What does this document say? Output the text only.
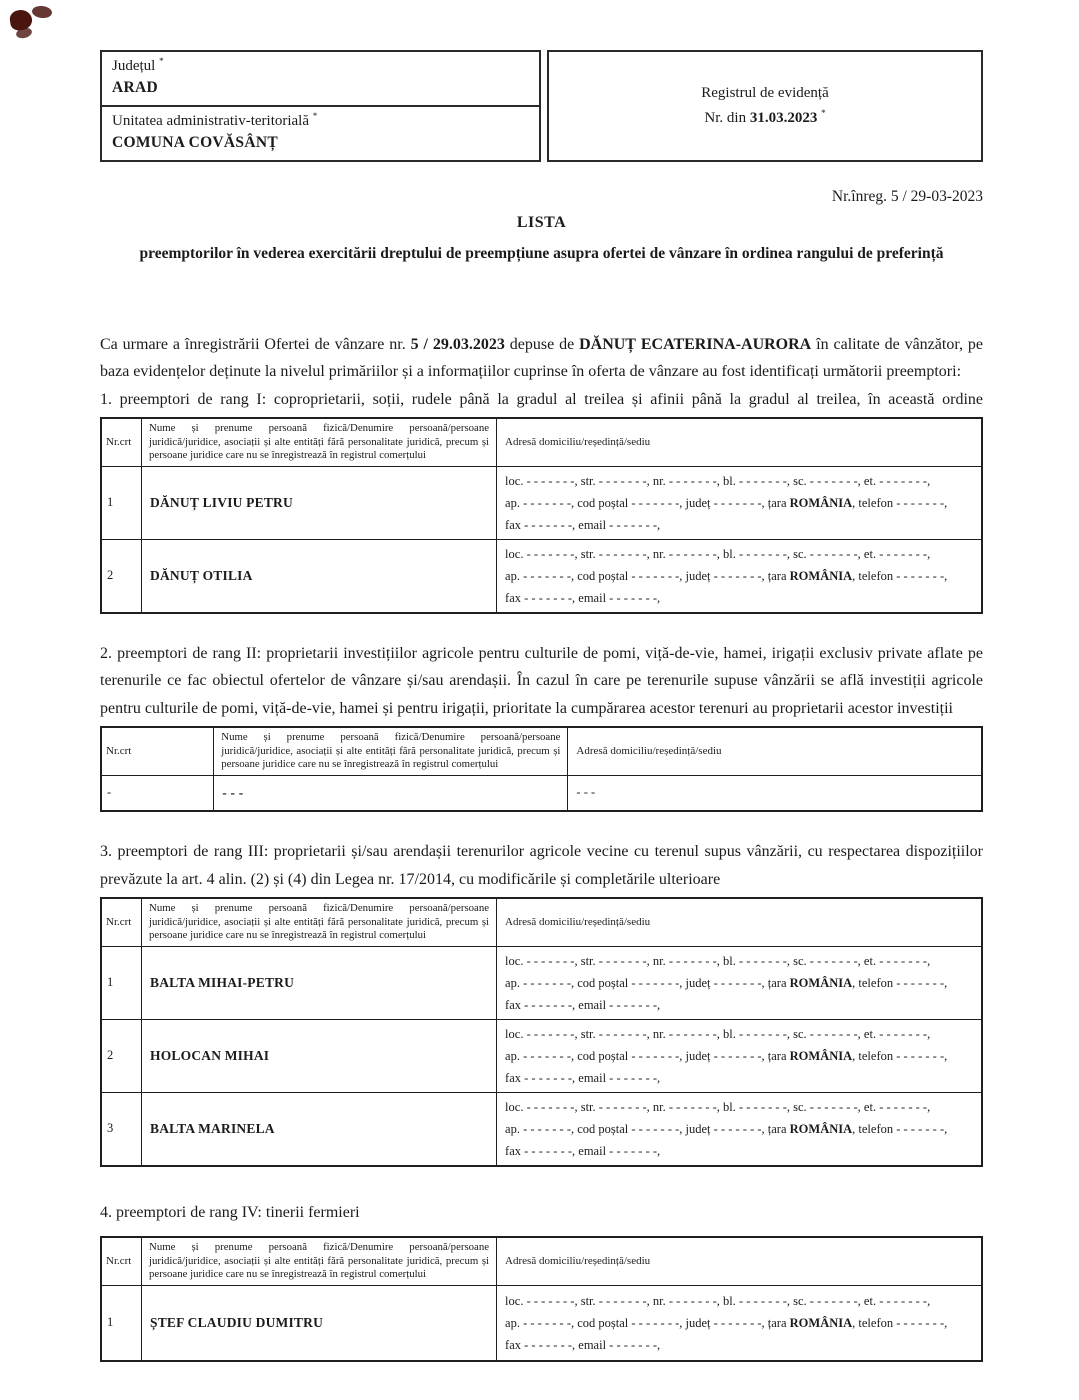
Județul *
ARAD
Unitatea administrativ-teritorială *
COMUNA COVĂSÂNȚ
Registrul de evidență
Nr. din 31.03.2023 *

Nr.înreg. 5 / 29-03-2023

LISTA

preemptorilor în vederea exercitării dreptului de preempțiune asupra ofertei de vânzare în ordinea rangului de preferință

Ca urmare a înregistrării Ofertei de vânzare nr. 5 / 29.03.2023 depuse de DĂNUȚ ECATERINA-AURORA în calitate de vânzător, pe baza evidențelor deținute la nivelul primăriilor și a informațiilor cuprinse în oferta de vânzare au fost identificați următorii preemptori:

1. preemptori de rang I: coproprietarii, soții, rudele până la gradul al treilea și afinii până la gradul al treilea, în această ordine

Nr.crt	Nume și prenume persoană fizică/Denumire persoană/persoane juridică/juridice, asociații și alte entități fără personalitate juridică, precum și persoane juridice care nu se înregistrează în registrul comerțului	Adresă domiciliu/reședință/sediu
1	DĂNUȚ LIVIU PETRU	loc. - - - - - - -, str. - - - - - - -, nr. - - - - - - -, bl. - - - - - - -, sc. - - - - - - -, et. - - - - - - -,
ap. - - - - - - -, cod poștal - - - - - - -, județ - - - - - - -, țara ROMÂNIA, telefon - - - - - - -,
fax - - - - - - -, email - - - - - - -,

2	DĂNUȚ OTILIA	loc. - - - - - - -, str. - - - - - - -, nr. - - - - - - -, bl. - - - - - - -, sc. - - - - - - -, et. - - - - - - -,
ap. - - - - - - -, cod poștal - - - - - - -, județ - - - - - - -, țara ROMÂNIA, telefon - - - - - - -,
fax - - - - - - -, email - - - - - - -,

2. preemptori de rang II: proprietarii investițiilor agricole pentru culturile de pomi, viță-de-vie, hamei, irigații exclusiv private aflate pe terenurile ce fac obiectul ofertelor de vânzare și/sau arendașii. În cazul în care pe terenurile supuse vânzării se află investiții agricole pentru culturile de pomi, viță-de-vie, hamei și pentru irigații, prioritate la cumpărarea acestor terenuri au proprietarii acestor investiții

Nr.crt	Nume și prenume persoană fizică/Denumire persoană/persoane juridică/juridice, asociații și alte entități fără personalitate juridică, precum și persoane juridice care nu se înregistrează în registrul comerțului	Adresă domiciliu/reședință/sediu
-	- - -	- - -

3. preemptori de rang III: proprietarii și/sau arendașii terenurilor agricole vecine cu terenul supus vânzării, cu respectarea dispozițiilor prevăzute la art. 4 alin. (2) și (4) din Legea nr. 17/2014, cu modificările și completările ulterioare

Nr.crt	Nume și prenume persoană fizică/Denumire persoană/persoane juridică/juridice, asociații și alte entități fără personalitate juridică, precum și persoane juridice care nu se înregistrează în registrul comerțului	Adresă domiciliu/reședință/sediu
1	BALTA MIHAI-PETRU	loc. - - - - - - -, str. - - - - - - -, nr. - - - - - - -, bl. - - - - - - -, sc. - - - - - - -, et. - - - - - - -,
ap. - - - - - - -, cod poștal - - - - - - -, județ - - - - - - -, țara ROMÂNIA, telefon - - - - - - -,
fax - - - - - - -, email - - - - - - -,

2	HOLOCAN MIHAI	loc. - - - - - - -, str. - - - - - - -, nr. - - - - - - -, bl. - - - - - - -, sc. - - - - - - -, et. - - - - - - -,
ap. - - - - - - -, cod poștal - - - - - - -, județ - - - - - - -, țara ROMÂNIA, telefon - - - - - - -,
fax - - - - - - -, email - - - - - - -,

3	BALTA MARINELA	loc. - - - - - - -, str. - - - - - - -, nr. - - - - - - -, bl. - - - - - - -, sc. - - - - - - -, et. - - - - - - -,
ap. - - - - - - -, cod poștal - - - - - - -, județ - - - - - - -, țara ROMÂNIA, telefon - - - - - - -,
fax - - - - - - -, email - - - - - - -,

4. preemptori de rang IV: tinerii fermieri

Nr.crt	Nume și prenume persoană fizică/Denumire persoană/persoane juridică/juridice, asociații și alte entități fără personalitate juridică, precum și persoane juridice care nu se înregistrează în registrul comerțului	Adresă domiciliu/reședință/sediu
1	ȘTEF CLAUDIU DUMITRU	loc. - - - - - - -, str. - - - - - - -, nr. - - - - - - -, bl. - - - - - - -, sc. - - - - - - -, et. - - - - - - -,
ap. - - - - - - -, cod poștal - - - - - - -, județ - - - - - - -, țara ROMÂNIA, telefon - - - - - - -,
fax - - - - - - -, email - - - - - - -,
